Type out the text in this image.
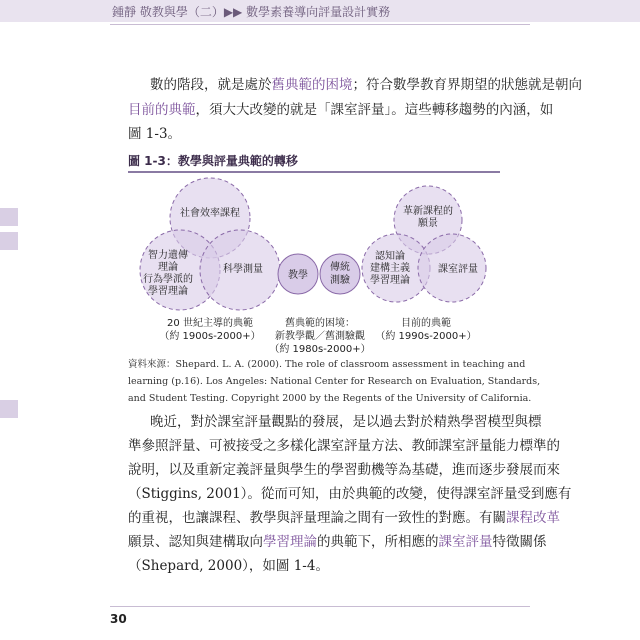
鍾靜 敬教與學（二）▶▶ 數學素養導向評量設計實務
數的階段，就是處於舊典範的困境；符合數學教育界期望的狀態就是朝向
目前的典範，須大大改變的就是「課室評量」。這些轉移趨勢的內涵，如
圖 1-3。
圖 1-3：教學與評量典範的轉移
社會效率課程
智力遺傳
理論
行為學派的
學習理論
科學測量
教學
傳統
測驗
革新課程的
願景
認知論
建構主義
學習理論
課室評量
20 世紀主導的典範
（約 1900s-2000+）
舊典範的困境：
新教學觀／舊測驗觀
（約 1980s-2000+）
目前的典範
（約 1990s-2000+）
資料來源：Shepard. L. A. (2000). The role of classroom assessment in teaching and
learning (p.16). Los Angeles: National Center for Research on Evaluation, Standards,
and Student Testing. Copyright 2000 by the Regents of the University of California.
晚近，對於課室評量觀點的發展，是以過去對於精熟學習模型與標
準參照評量、可被接受之多樣化課室評量方法、教師課室評量能力標準的
說明，以及重新定義評量與學生的學習動機等為基礎，進而逐步發展而來
（Stiggins, 2001）。從而可知，由於典範的改變，使得課室評量受到應有
的重視，也讓課程、教學與評量理論之間有一致性的對應。有關課程改革
願景、認知與建構取向學習理論的典範下，所相應的課室評量特徵關係
（Shepard, 2000），如圖 1-4。
30
